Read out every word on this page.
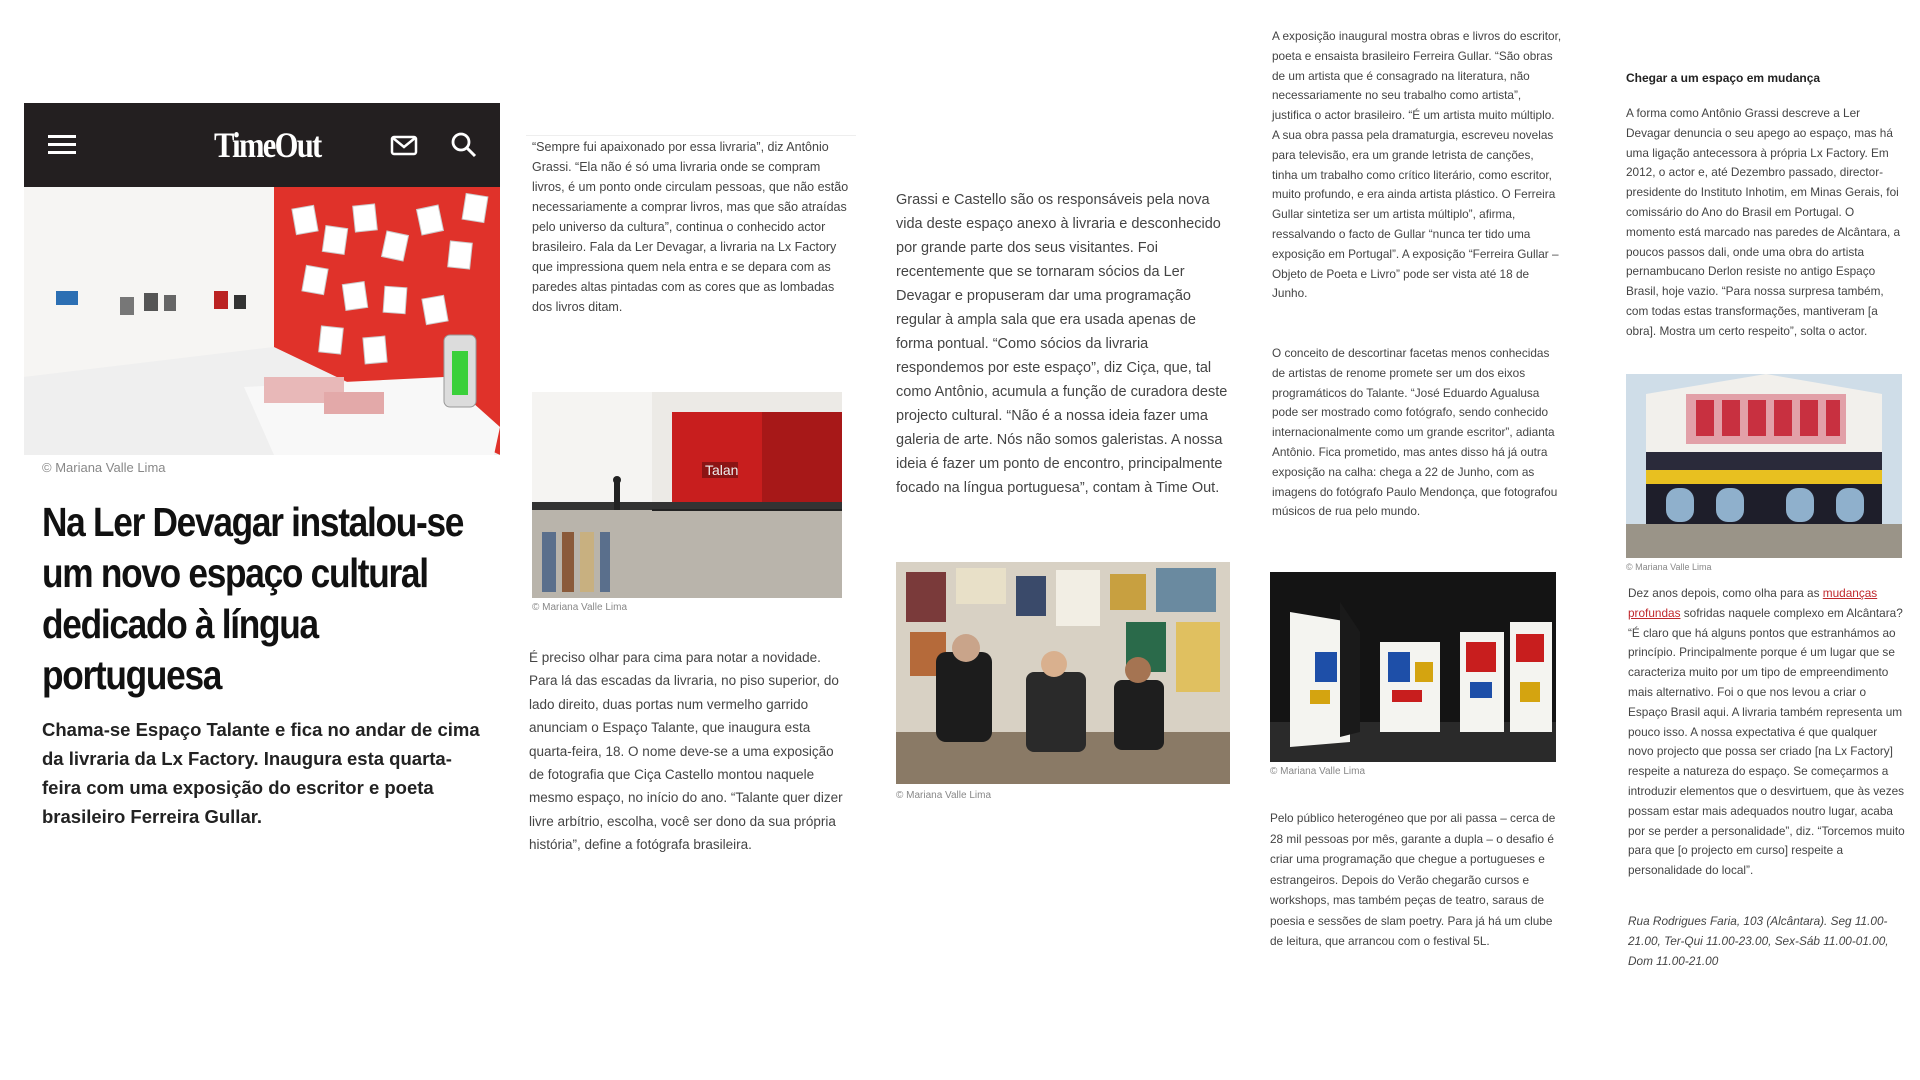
TimeOut
© Mariana Valle Lima
Na Ler Devagar instalou-se um novo espaço cultural dedicado à língua portuguesa
Chama-se Espaço Talante e fica no andar de cima da livraria da Lx Factory. Inaugura esta quarta-feira com uma exposição do escritor e poeta brasileiro Ferreira Gullar.

“Sempre fui apaixonado por essa livraria”, diz Antônio Grassi. “Ela não é só uma livraria onde se compram livros, é um ponto onde circulam pessoas, que não estão necessariamente a comprar livros, mas que são atraídas pelo universo da cultura”, continua o conhecido actor brasileiro. Fala da Ler Devagar, a livraria na Lx Factory que impressiona quem nela entra e se depara com as paredes altas pintadas com as cores que as lombadas dos livros ditam.

Talan
© Mariana Valle Lima

É preciso olhar para cima para notar a novidade. Para lá das escadas da livraria, no piso superior, do lado direito, duas portas num vermelho garrido anunciam o Espaço Talante, que inaugura esta quarta-feira, 18. O nome deve-se a uma exposição de fotografia que Ciça Castello montou naquele mesmo espaço, no início do ano. “Talante quer dizer livre arbítrio, escolha, você ser dono da sua própria história”, define a fotógrafa brasileira.

Grassi e Castello são os responsáveis pela nova vida deste espaço anexo à livraria e desconhecido por grande parte dos seus visitantes. Foi recentemente que se tornaram sócios da Ler Devagar e propuseram dar uma programação regular à ampla sala que era usada apenas de forma pontual. “Como sócios da livraria respondemos por este espaço”, diz Ciça, que, tal como Antônio, acumula a função de curadora deste projecto cultural. “Não é a nossa ideia fazer uma galeria de arte. Nós não somos galeristas. A nossa ideia é fazer um ponto de encontro, principalmente focado na língua portuguesa”, contam à Time Out.

© Mariana Valle Lima

A exposição inaugural mostra obras e livros do escritor, poeta e ensaista brasileiro Ferreira Gullar. “São obras de um artista que é consagrado na literatura, não necessariamente no seu trabalho como artista”, justifica o actor brasileiro. “É um artista muito múltiplo. A sua obra passa pela dramaturgia, escreveu novelas para televisão, era um grande letrista de canções, tinha um trabalho como crítico literário, como escritor, muito profundo, e era ainda artista plástico. O Ferreira Gullar sintetiza ser um artista múltiplo”, afirma, ressalvando o facto de Gullar “nunca ter tido uma exposição em Portugal”. A exposição “Ferreira Gullar – Objeto de Poeta e Livro” pode ser vista até 18 de Junho.

O conceito de descortinar facetas menos conhecidas de artistas de renome promete ser um dos eixos programáticos do Talante. “José Eduardo Agualusa pode ser mostrado como fotógrafo, sendo conhecido internacionalmente como um grande escritor”, adianta Antônio. Fica prometido, mas antes disso há já outra exposição na calha: chega a 22 de Junho, com as imagens do fotógrafo Paulo Mendonça, que fotografou músicos de rua pelo mundo.

© Mariana Valle Lima

Pelo público heterogéneo que por ali passa – cerca de 28 mil pessoas por mês, garante a dupla – o desafio é criar uma programação que chegue a portugueses e estrangeiros. Depois do Verão chegarão cursos e workshops, mas também peças de teatro, saraus de poesia e sessões de slam poetry. Para já há um clube de leitura, que arrancou com o festival 5L.

Chegar a um espaço em mudança

A forma como Antônio Grassi descreve a Ler Devagar denuncia o seu apego ao espaço, mas há uma ligação antecessora à própria Lx Factory. Em 2012, o actor e, até Dezembro passado, director-presidente do Instituto Inhotim, em Minas Gerais, foi comissário do Ano do Brasil em Portugal. O momento está marcado nas paredes de Alcântara, a poucos passos dali, onde uma obra do artista pernambucano Derlon resiste no antigo Espaço Brasil, hoje vazio. “Para nossa surpresa também, com todas estas transformações, mantiveram [a obra]. Mostra um certo respeito”, solta o actor.

© Mariana Valle Lima

Dez anos depois, como olha para as mudanças profundas sofridas naquele complexo em Alcântara? “É claro que há alguns pontos que estranhámos ao princípio. Principalmente porque é um lugar que se caracteriza muito por um tipo de empreendimento mais alternativo. Foi o que nos levou a criar o Espaço Brasil aqui. A livraria também representa um pouco isso. A nossa expectativa é que qualquer novo projecto que possa ser criado [na Lx Factory] respeite a natureza do espaço. Se começarmos a introduzir elementos que o desvirtuem, que às vezes possam estar mais adequados noutro lugar, acaba por se perder a personalidade”, diz. “Torcemos muito para que [o projecto em curso] respeite a personalidade do local”.

Rua Rodrigues Faria, 103 (Alcântara). Seg 11.00-21.00, Ter-Qui 11.00-23.00, Sex-Sáb 11.00-01.00, Dom 11.00-21.00
